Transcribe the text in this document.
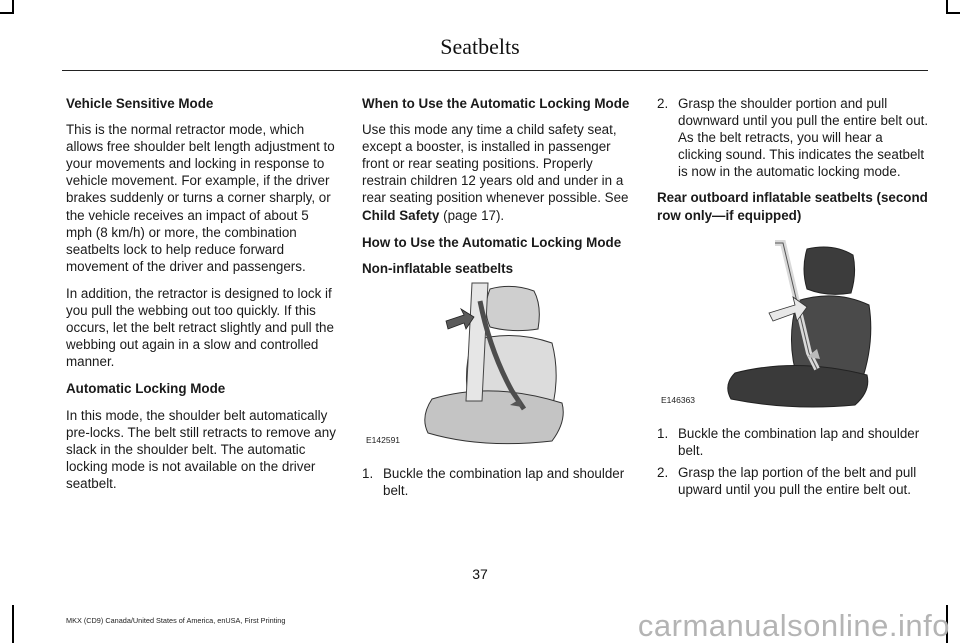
Seatbelts
Vehicle Sensitive Mode

This is the normal retractor mode, which allows free shoulder belt length adjustment to your movements and locking in response to vehicle movement. For example, if the driver brakes suddenly or turns a corner sharply, or the vehicle receives an impact of about 5 mph (8 km/h) or more, the combination seatbelts lock to help reduce forward movement of the driver and passengers.

In addition, the retractor is designed to lock if you pull the webbing out too quickly. If this occurs, let the belt retract slightly and pull the webbing out again in a slow and controlled manner.

Automatic Locking Mode

In this mode, the shoulder belt automatically pre-locks. The belt still retracts to remove any slack in the shoulder belt. The automatic locking mode is not available on the driver seatbelt.

When to Use the Automatic Locking Mode

Use this mode any time a child safety seat, except a booster, is installed in passenger front or rear seating positions. Properly restrain children 12 years old and under in a rear seating position whenever possible. See Child Safety (page 17).

How to Use the Automatic Locking Mode
Non-inflatable seatbelts
E142591
1. Buckle the combination lap and shoulder belt.
2. Grasp the shoulder portion and pull downward until you pull the entire belt out. As the belt retracts, you will hear a clicking sound. This indicates the seatbelt is now in the automatic locking mode.
Rear outboard inflatable seatbelts (second row only—if equipped)
E146363
1. Buckle the combination lap and shoulder belt.
2. Grasp the lap portion of the belt and pull upward until you pull the entire belt out.
37
MKX (CD9) Canada/United States of America, enUSA, First Printing	carmanualsonline.info
